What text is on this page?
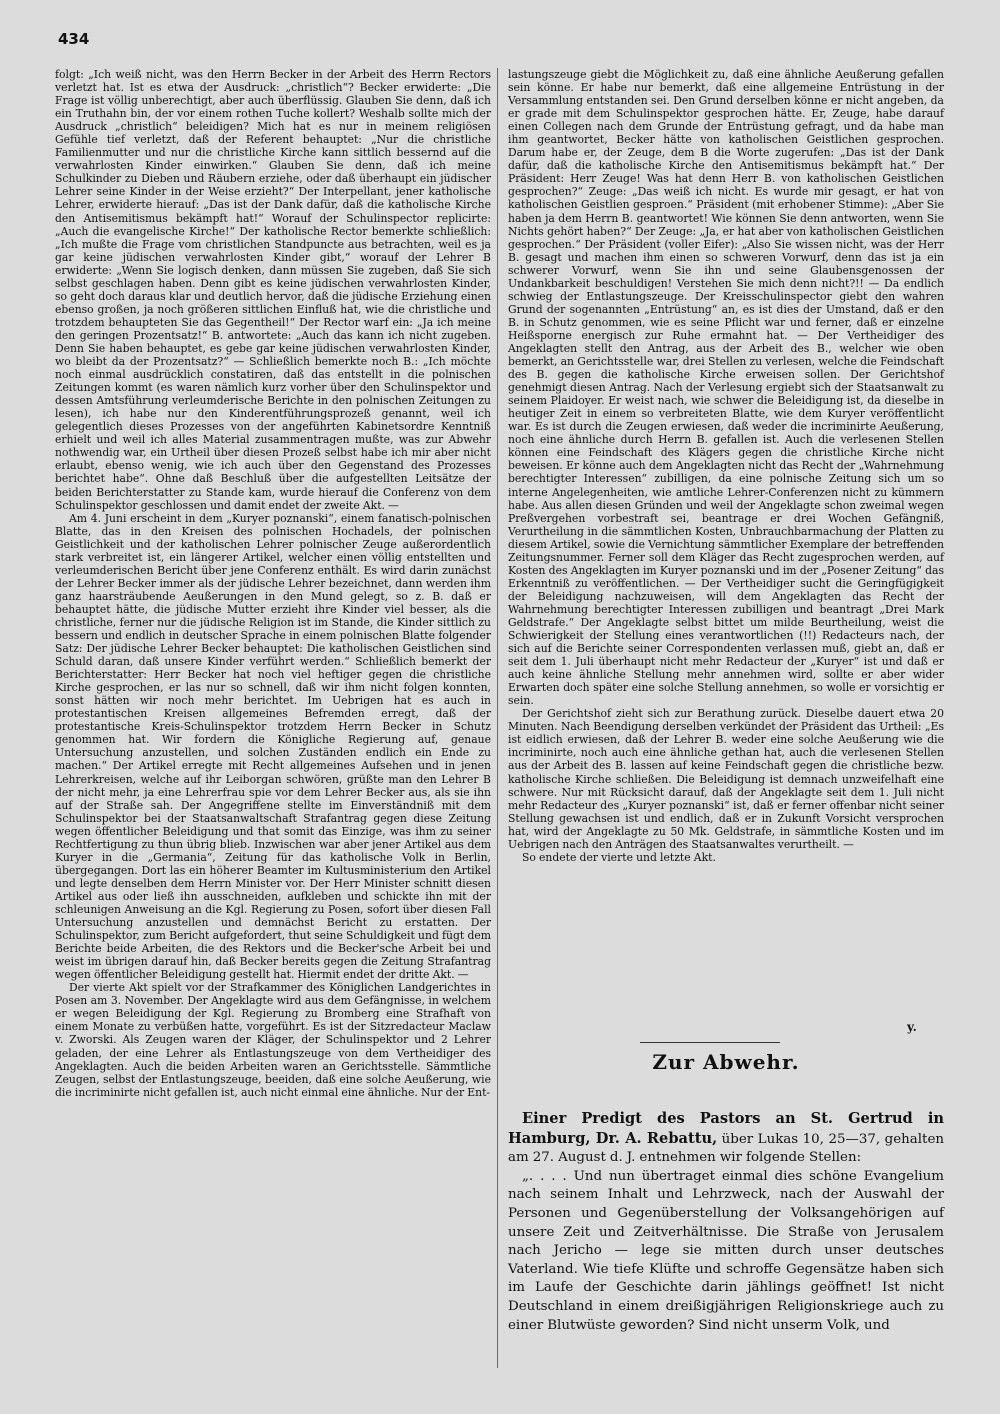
434

folgt: „Ich weiß nicht, was den Herrn Becker in der Arbeit des Herrn Rectors verletzt hat. Ist es etwa der Ausdruck: „christlich“? Becker erwiderte: „Die Frage ist völlig unberechtigt, aber auch überflüssig. Glauben Sie denn, daß ich ein Truthahn bin, der vor einem rothen Tuche kollert? Weshalb sollte mich der Ausdruck „christlich“ beleidigen? Mich hat es nur in meinem religiösen Gefühle tief verletzt, daß der Referent behauptet: „Nur die christliche Familienmutter und nur die christliche Kirche kann sittlich bessernd auf die verwahrlosten Kinder einwirken.“ Glauben Sie denn, daß ich meine Schulkinder zu Dieben und Räubern erziehe, oder daß überhaupt ein jüdischer Lehrer seine Kinder in der Weise erzieht?“ Der Interpellant, jener katholische Lehrer, erwiderte hierauf: „Das ist der Dank dafür, daß die katholische Kirche den Antisemitismus bekämpft hat!“ Worauf der Schulinspector replicirte: „Auch die evangelische Kirche!“ Der katholische Rector bemerkte schließlich: „Ich mußte die Frage vom christlichen Standpuncte aus betrachten, weil es ja gar keine jüdischen verwahrlosten Kinder gibt,“ worauf der Lehrer B erwiderte: „Wenn Sie logisch denken, dann müssen Sie zugeben, daß Sie sich selbst geschlagen haben. Denn gibt es keine jüdischen verwahrlosten Kinder, so geht doch daraus klar und deutlich hervor, daß die jüdische Erziehung einen ebenso großen, ja noch größeren sittlichen Einfluß hat, wie die christliche und trotzdem behaupteten Sie das Gegentheil!“ Der Rector warf ein: „Ja ich meine den geringen Prozentsatz!“ B. antwortete: „Auch das kann ich nicht zugeben. Denn Sie haben behauptet, es gebe gar keine jüdischen verwahrlosten Kinder, wo bleibt da der Prozentsatz?“ — Schließlich bemerkte noch B.: „Ich möchte noch einmal ausdrücklich constatiren, daß das entstellt in die polnischen Zeitungen kommt (es waren nämlich kurz vorher über den Schulinspektor und dessen Amtsführung verleumderische Berichte in den polnischen Zeitungen zu lesen), ich habe nur den Kinderentführungsprozeß genannt, weil ich gelegentlich dieses Prozesses von der angeführten Kabinetsordre Kenntniß erhielt und weil ich alles Material zusammentragen mußte, was zur Abwehr nothwendig war, ein Urtheil über diesen Prozeß selbst habe ich mir aber nicht erlaubt, ebenso wenig, wie ich auch über den Gegenstand des Prozesses berichtet habe“. Ohne daß Beschluß über die aufgestellten Leitsätze der beiden Berichterstatter zu Stande kam, wurde hierauf die Conferenz von dem Schulinspektor geschlossen und damit endet der zweite Akt. —

Am 4. Juni erscheint in dem „Kuryer poznanski“, einem fanatisch-polnischen Blatte, das in den Kreisen des polnischen Hochadels, der polnischen Geistlichkeit und der katholischen Lehrer polnischer Zeuge außerordentlich stark verbreitet ist, ein längerer Artikel, welcher einen völlig entstellten und verleumderischen Bericht über jene Conferenz enthält. Es wird darin zunächst der Lehrer Becker immer als der jüdische Lehrer bezeichnet, dann werden ihm ganz haarsträubende Aeußerungen in den Mund gelegt, so z. B. daß er behauptet hätte, die jüdische Mutter erzieht ihre Kinder viel besser, als die christliche, ferner nur die jüdische Religion ist im Stande, die Kinder sittlich zu bessern und endlich in deutscher Sprache in einem polnischen Blatte folgender Satz: Der jüdische Lehrer Becker behauptet: Die katholischen Geistlichen sind Schuld daran, daß unsere Kinder verführt werden.“ Schließlich bemerkt der Berichterstatter: Herr Becker hat noch viel heftiger gegen die christliche Kirche gesprochen, er las nur so schnell, daß wir ihm nicht folgen konnten, sonst hätten wir noch mehr berichtet. Im Uebrigen hat es auch in protestantischen Kreisen allgemeines Befremden erregt, daß der protestantische Kreis-Schulinspektor trotzdem Herrn Becker in Schutz genommen hat. Wir fordern die Königliche Regierung auf, genaue Untersuchung anzustellen, und solchen Zuständen endlich ein Ende zu machen.“ Der Artikel erregte mit Recht allgemeines Aufsehen und in jenen Lehrerkreisen, welche auf ihr Leiborgan schwören, grüßte man den Lehrer B der nicht mehr, ja eine Lehrerfrau spie vor dem Lehrer Becker aus, als sie ihn auf der Straße sah. Der Angegriffene stellte im Einverständniß mit dem Schulinspektor bei der Staatsanwaltschaft Strafantrag gegen diese Zeitung wegen öffentlicher Beleidigung und that somit das Einzige, was ihm zu seiner Rechtfertigung zu thun übrig blieb. Inzwischen war aber jener Artikel aus dem Kuryer in die „Germania“, Zeitung für das katholische Volk in Berlin, übergegangen. Dort las ein höherer Beamter im Kultusministerium den Artikel und legte denselben dem Herrn Minister vor. Der Herr Minister schnitt diesen Artikel aus oder ließ ihn ausschneiden, aufkleben und schickte ihn mit der schleunigen Anweisung an die Kgl. Regierung zu Posen, sofort über diesen Fall Untersuchung anzustellen und demnächst Bericht zu erstatten. Der Schulinspektor, zum Bericht aufgefordert, thut seine Schuldigkeit und fügt dem Berichte beide Arbeiten, die des Rektors und die Becker'sche Arbeit bei und weist im übrigen darauf hin, daß Becker bereits gegen die Zeitung Strafantrag wegen öffentlicher Beleidigung gestellt hat. Hiermit endet der dritte Akt. —

Der vierte Akt spielt vor der Strafkammer des Königlichen Landgerichtes in Posen am 3. November. Der Angeklagte wird aus dem Gefängnisse, in welchem er wegen Beleidigung der Kgl. Regierung zu Bromberg eine Strafhaft von einem Monate zu verbüßen hatte, vorgeführt. Es ist der Sitzredacteur Maclaw v. Zworski. Als Zeugen waren der Kläger, der Schulinspektor und 2 Lehrer geladen, der eine Lehrer als Entlastungszeuge von dem Vertheidiger des Angeklagten. Auch die beiden Arbeiten waren an Gerichtsstelle. Sämmtliche Zeugen, selbst der Entlastungszeuge, beeiden, daß eine solche Aeußerung, wie die incriminirte nicht gefallen ist, auch nicht einmal eine ähnliche. Nur der Ent-

lastungszeuge giebt die Möglichkeit zu, daß eine ähnliche Aeußerung gefallen sein könne. Er habe nur bemerkt, daß eine allgemeine Entrüstung in der Versammlung entstanden sei. Den Grund derselben könne er nicht angeben, da er grade mit dem Schulinspektor gesprochen hätte. Er, Zeuge, habe darauf einen Collegen nach dem Grunde der Entrüstung gefragt, und da habe man ihm geantwortet, Becker hätte von katholischen Geistlichen gesprochen. Darum habe er, der Zeuge, dem B die Worte zugerufen: „Das ist der Dank dafür, daß die katholische Kirche den Antisemitismus bekämpft hat.“ Der Präsident: Herr Zeuge! Was hat denn Herr B. von katholischen Geistlichen gesprochen?“ Zeuge: „Das weiß ich nicht. Es wurde mir gesagt, er hat von katholischen Geistlien gesproen.“ Präsident (mit erhobener Stimme): „Aber Sie haben ja dem Herrn B. geantwortet! Wie können Sie denn antworten, wenn Sie Nichts gehört haben?“ Der Zeuge: „Ja, er hat aber von katholischen Geistlichen gesprochen.“ Der Präsident (voller Eifer): „Also Sie wissen nicht, was der Herr B. gesagt und machen ihm einen so schweren Vorwurf, denn das ist ja ein schwerer Vorwurf, wenn Sie ihn und seine Glaubensgenossen der Undankbarkeit beschuldigen! Verstehen Sie mich denn nicht?!! — Da endlich schwieg der Entlastungszeuge. Der Kreisschulinspector giebt den wahren Grund der sogenannten „Entrüstung“ an, es ist dies der Umstand, daß er den B. in Schutz genommen, wie es seine Pflicht war und ferner, daß er einzelne Heißsporne energisch zur Ruhe ermahnt hat. — Der Vertheidiger des Angeklagten stellt den Antrag, aus der Arbeit des B., welcher wie oben bemerkt, an Gerichtsstelle war, drei Stellen zu verlesen, welche die Feindschaft des B. gegen die katholische Kirche erweisen sollen. Der Gerichtshof genehmigt diesen Antrag. Nach der Verlesung ergiebt sich der Staatsanwalt zu seinem Plaidoyer. Er weist nach, wie schwer die Beleidigung ist, da dieselbe in heutiger Zeit in einem so verbreiteten Blatte, wie dem Kuryer veröffentlicht war. Es ist durch die Zeugen erwiesen, daß weder die incriminirte Aeußerung, noch eine ähnliche durch Herrn B. gefallen ist. Auch die verlesenen Stellen können eine Feindschaft des Klägers gegen die christliche Kirche nicht beweisen. Er könne auch dem Angeklagten nicht das Recht der „Wahrnehmung berechtigter Interessen“ zubilligen, da eine polnische Zeitung sich um so interne Angelegenheiten, wie amtliche Lehrer-Conferenzen nicht zu kümmern habe. Aus allen diesen Gründen und weil der Angeklagte schon zweimal wegen Preßvergehen vorbestraft sei, beantrage er drei Wochen Gefängniß, Verurtheilung in die sämmtlichen Kosten, Unbrauchbarmachung der Platten zu diesem Artikel, sowie die Vernichtung sämmtlicher Exemplare der betreffenden Zeitungsnummer. Ferner soll dem Kläger das Recht zugesprochen werden, auf Kosten des Angeklagten im Kuryer poznanski und im der „Posener Zeitung“ das Erkenntniß zu veröffentlichen. — Der Vertheidiger sucht die Geringfügigkeit der Beleidigung nachzuweisen, will dem Angeklagten das Recht der Wahrnehmung berechtigter Interessen zubilligen und beantragt „Drei Mark Geldstrafe.“ Der Angeklagte selbst bittet um milde Beurtheilung, weist die Schwierigkeit der Stellung eines verantwortlichen (!!) Redacteurs nach, der sich auf die Berichte seiner Correspondenten verlassen muß, giebt an, daß er seit dem 1. Juli überhaupt nicht mehr Redacteur der „Kuryer“ ist und daß er auch keine ähnliche Stellung mehr annehmen wird, sollte er aber wider Erwarten doch später eine solche Stellung annehmen, so wolle er vorsichtig er sein.

Der Gerichtshof zieht sich zur Berathung zurück. Dieselbe dauert etwa 20 Minuten. Nach Beendigung derselben verkündet der Präsident das Urtheil: „Es ist eidlich erwiesen, daß der Lehrer B. weder eine solche Aeußerung wie die incriminirte, noch auch eine ähnliche gethan hat, auch die verlesenen Stellen aus der Arbeit des B. lassen auf keine Feindschaft gegen die christliche bezw. katholische Kirche schließen. Die Beleidigung ist demnach unzweifelhaft eine schwere. Nur mit Rücksicht darauf, daß der Angeklagte seit dem 1. Juli nicht mehr Redacteur des „Kuryer poznanski“ ist, daß er ferner offenbar nicht seiner Stellung gewachsen ist und endlich, daß er in Zukunft Vorsicht versprochen hat, wird der Angeklagte zu 50 Mk. Geldstrafe, in sämmtliche Kosten und im Uebrigen nach den Anträgen des Staatsanwaltes verurtheilt. —

So endete der vierte und letzte Akt.

y.
Zur Abwehr.

Einer Predigt des Pastors an St. Gertrud in Hamburg, Dr. A. Rebattu, über Lukas 10, 25—37, gehalten am 27. August d. J. entnehmen wir folgende Stellen:

„. . . . Und nun übertraget einmal dies schöne Evangelium nach seinem Inhalt und Lehrzweck, nach der Auswahl der Personen und Gegenüberstellung der Volksangehörigen auf unsere Zeit und Zeitverhältnisse. Die Straße von Jerusalem nach Jericho — lege sie mitten durch unser deutsches Vaterland. Wie tiefe Klüfte und schroffe Gegensätze haben sich im Laufe der Geschichte darin jählings geöffnet! Ist nicht Deutschland in einem dreißigjährigen Religionskriege auch zu einer Blutwüste geworden? Sind nicht unserm Volk, und
